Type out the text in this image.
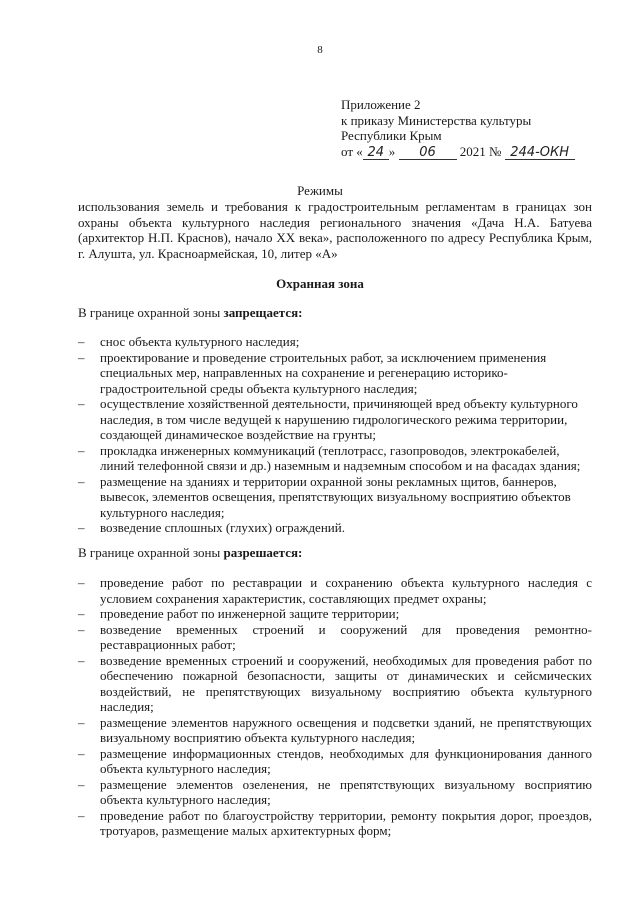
8
Приложение 2
к приказу Министерства культуры
Республики Крым
от « 24 » 06 2021 № 244-ОКН
Режимы
использования земель и требования к градостроительным регламентам в границах зон охраны объекта культурного наследия регионального значения «Дача Н.А. Батуева (архитектор Н.П. Краснов), начало XX века», расположенного по адресу Республика Крым, г. Алушта, ул. Красноармейская, 10, литер «А»
Охранная зона
В границе охранной зоны запрещается:
– снос объекта культурного наследия;
– проектирование и проведение строительных работ, за исключением применения специальных мер, направленных на сохранение и регенерацию историко-градостроительной среды объекта культурного наследия;
– осуществление хозяйственной деятельности, причиняющей вред объекту культурного наследия, в том числе ведущей к нарушению гидрологического режима территории, создающей динамическое воздействие на грунты;
– прокладка инженерных коммуникаций (теплотрасс, газопроводов, электрокабелей, линий телефонной связи и др.) наземным и надземным способом и на фасадах здания;
– размещение на зданиях и территории охранной зоны рекламных щитов, баннеров, вывесок, элементов освещения, препятствующих визуальному восприятию объектов культурного наследия;
– возведение сплошных (глухих) ограждений.
В границе охранной зоны разрешается:
– проведение работ по реставрации и сохранению объекта культурного наследия с условием сохранения характеристик, составляющих предмет охраны;
– проведение работ по инженерной защите территории;
– возведение временных строений и сооружений для проведения ремонтно-реставрационных работ;
– возведение временных строений и сооружений, необходимых для проведения работ по обеспечению пожарной безопасности, защиты от динамических и сейсмических воздействий, не препятствующих визуальному восприятию объекта культурного наследия;
– размещение элементов наружного освещения и подсветки зданий, не препятствующих визуальному восприятию объекта культурного наследия;
– размещение информационных стендов, необходимых для функционирования данного объекта культурного наследия;
– размещение элементов озеленения, не препятствующих визуальному восприятию объекта культурного наследия;
– проведение работ по благоустройству территории, ремонту покрытия дорог, проездов, тротуаров, размещение малых архитектурных форм;
